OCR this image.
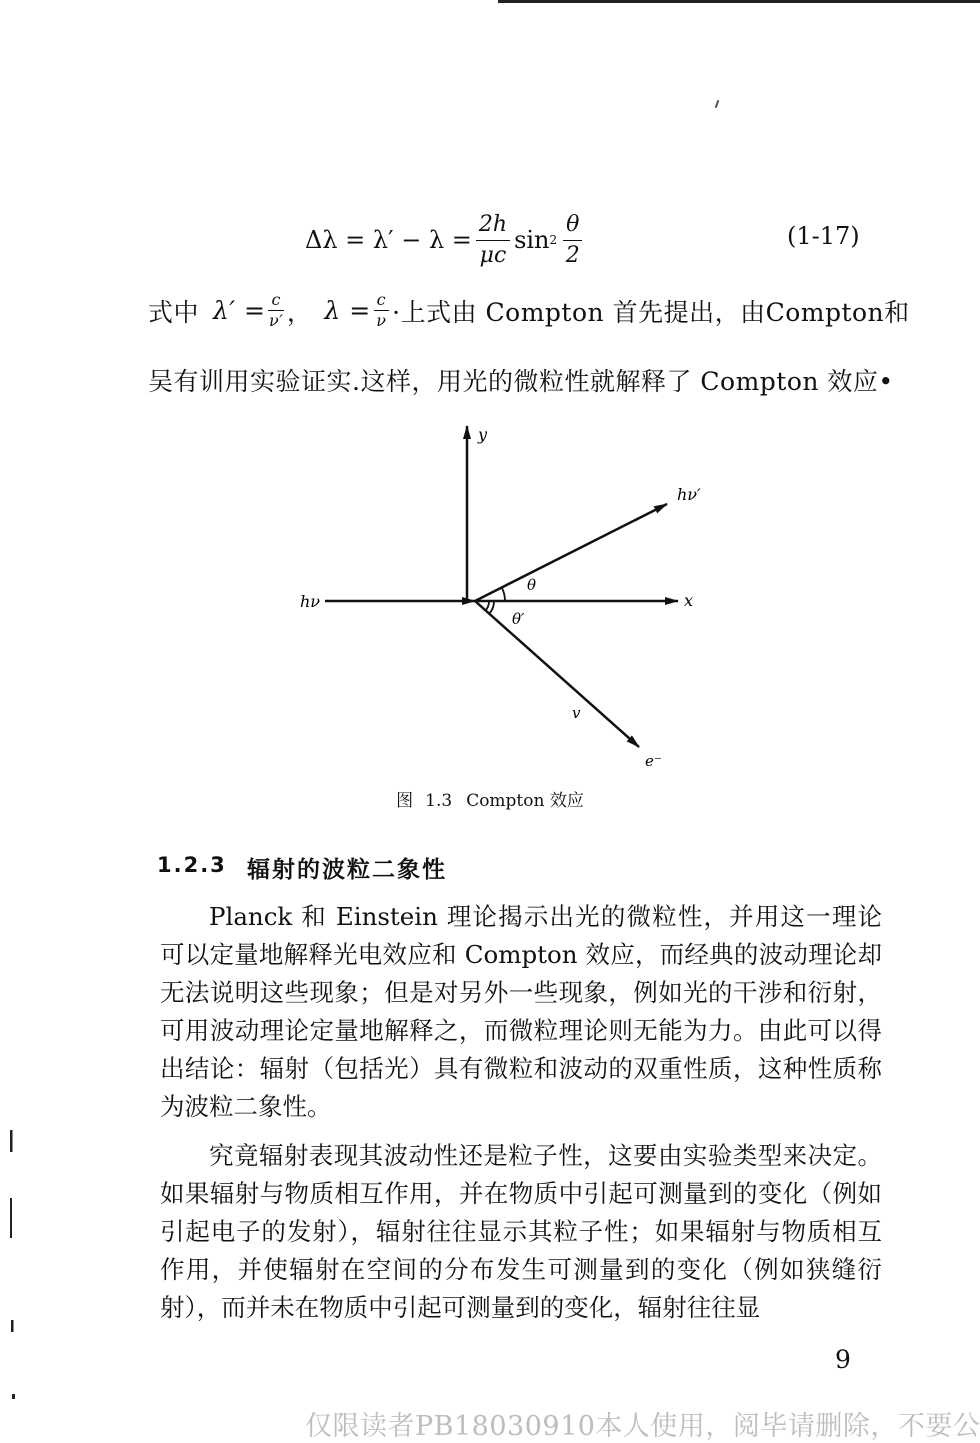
$\Delta\lambda = \lambda' - \lambda = \frac{2h}{\mu c}$ $\sin 2 \frac{\theta}{2}$	(1-17)
式中 $\lambda' = \frac{c}{\nu'}$ ， $\lambda = \frac{c}{\nu}$ ·上式由 Compton 首先提出，由Compton和
吴有训用实验证实.这样，用光的微粒性就解释了 Compton 效应•
y
x
hν
hν′
v
e⁻
θ
θ′
图 1.3 Compton 效应
1.2.3 辐射的波粒二象性
Planck 和 Einstein 理论揭示出光的微粒性，并用这一理论可以定量地解释光电效应和 Compton 效应，而经典的波动理论却无法说明这些现象；但是对另外一些现象，例如光的干涉和衍射，可用波动理论定量地解释之，而微粒理论则无能为力。由此可以得出结论：辐射（包括光）具有微粒和波动的双重性质，这种性质称为波粒二象性。
究竟辐射表现其波动性还是粒子性，这要由实验类型来决定。如果辐射与物质相互作用，并在物质中引起可测量到的变化（例如引起电子的发射），辐射往往显示其粒子性；如果辐射与物质相互作用，并使辐射在空间的分布发生可测量到的变化（例如狭缝衍射），而并未在物质中引起可测量到的变化，辐射往往显
9
仅限读者PB18030910本人使用，阅毕请删除，不要公
